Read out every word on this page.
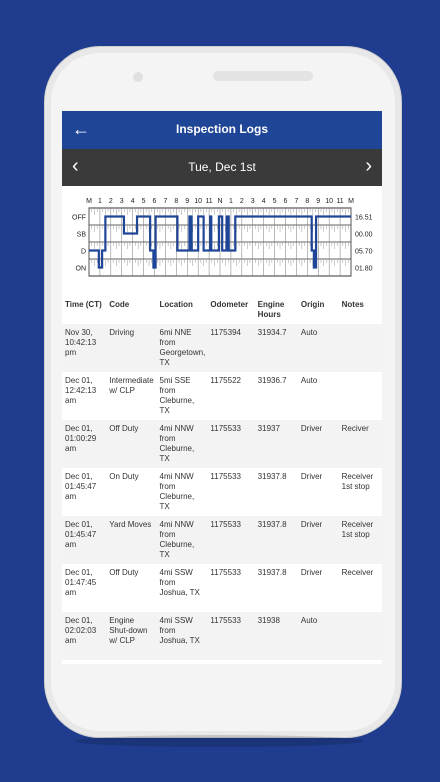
←	Inspection Logs
‹	Tue, Dec 1st	›
M 1 2 3 4 5 6 7 8 9 10 11 N 1 2 3 4 5 6 7 8 9 10 11 M
OFF
SB
D
ON
16.51
00.00
05.70
01.80
Time (CT)	Code	Location	Odometer	Engine Hours	Origin	Notes
Nov 30, 10:42:13 pm	Driving	6mi NNE from Georgetown, TX	1175394	31934.7	Auto	
Dec 01, 12:42:13 am	Intermediate w/ CLP	5mi SSE from Cleburne, TX	1175522	31936.7	Auto	
Dec 01, 01:00:29 am	Off Duty	4mi NNW from Cleburne, TX	1175533	31937	Driver	Reciver
Dec 01, 01:45:47 am	On Duty	4mi NNW from Cleburne, TX	1175533	31937.8	Driver	Receiver 1st stop
Dec 01, 01:45:47 am	Yard Moves	4mi NNW from Cleburne, TX	1175533	31937.8	Driver	Receiver 1st stop
Dec 01, 01:47:45 am	Off Duty	4mi SSW from Joshua, TX	1175533	31937.8	Driver	Receiver
Dec 01, 02:02:03 am	Engine Shut-down w/ CLP	4mi SSW from Joshua, TX	1175533	31938	Auto	
